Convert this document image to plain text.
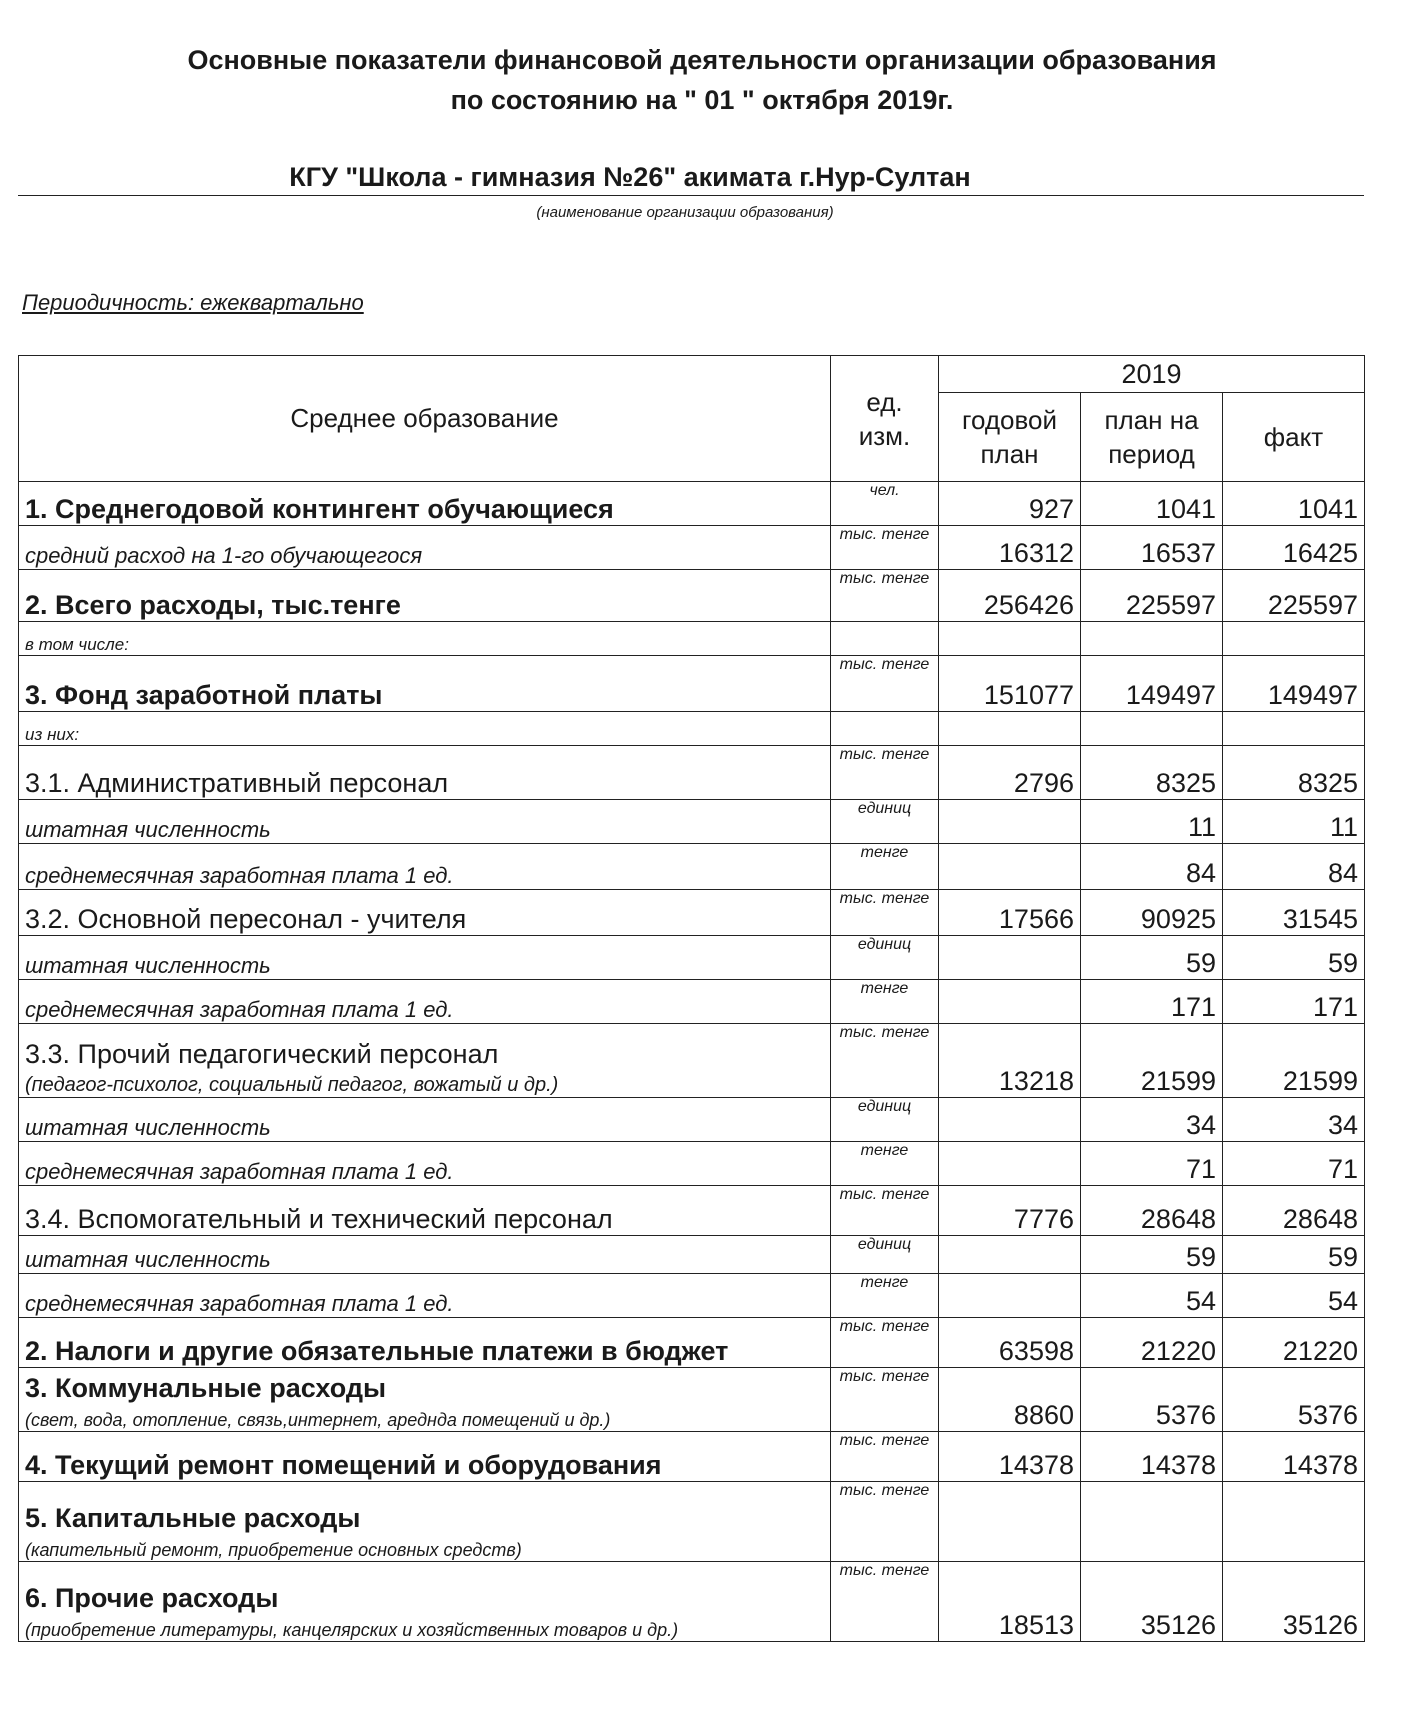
Основные показатели финансовой деятельности организации образования
по состоянию на " 01 " октября 2019г.
КГУ "Школа - гимназия №26" акимата г.Нур-Султан
(наименование организации образования)
Периодичность: ежеквартально
Среднее образование	ед. изм.	2019		
		годовой план	план на период	факт
1. Среднегодовой контингент обучающиеся	чел.	927	1041	1041
средний расход на 1-го обучающегося	тыс. тенге	16312	16537	16425
2. Всего расходы, тыс.тенге	тыс. тенге	256426	225597	225597
в том числе:				
3. Фонд заработной платы	тыс. тенге	151077	149497	149497
из них:				
3.1. Административный персонал	тыс. тенге	2796	8325	8325
штатная численность	единиц		11	11
среднемесячная заработная плата 1 ед.	тенге		84	84
3.2. Основной пересонал - учителя	тыс. тенге	17566	90925	31545
штатная численность	единиц		59	59
среднемесячная заработная плата 1 ед.	тенге		171	171
3.3. Прочий педагогический персонал
(педагог-психолог, социальный педагог, вожатый и др.)	тыс. тенге	13218	21599	21599
штатная численность	единиц		34	34
среднемесячная заработная плата 1 ед.	тенге		71	71
3.4. Вспомогательный и технический персонал	тыс. тенге	7776	28648	28648
штатная численность	единиц		59	59
среднемесячная заработная плата 1 ед.	тенге		54	54
2. Налоги и другие обязательные платежи в бюджет	тыс. тенге	63598	21220	21220
3. Коммунальные расходы
(свет, вода, отопление, связь,интернет, ареднда помещений и др.)	тыс. тенге	8860	5376	5376
4. Текущий ремонт помещений и оборудования	тыс. тенге	14378	14378	14378
5. Капитальные расходы
(капительный ремонт, приобретение основных средств)	тыс. тенге			
6. Прочие расходы
(приобретение литературы, канцелярских и хозяйственных товаров и др.)	тыс. тенге	18513	35126	35126
